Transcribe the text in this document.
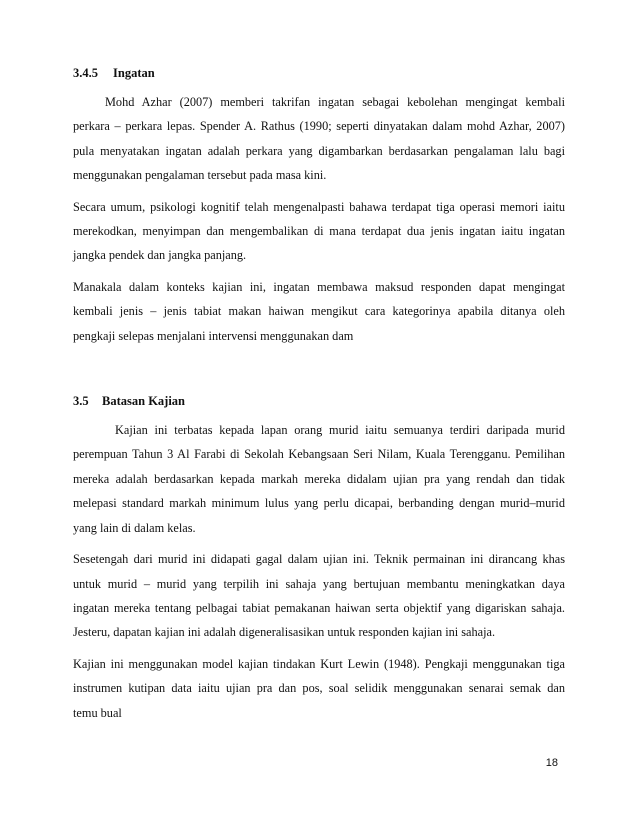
3.4.5 Ingatan

Mohd Azhar (2007) memberi takrifan ingatan sebagai kebolehan mengingat kembali
perkara – perkara lepas. Spender A. Rathus (1990; seperti dinyatakan dalam mohd Azhar, 2007)
pula menyatakan ingatan adalah perkara yang digambarkan berdasarkan pengalaman lalu bagi
menggunakan pengalaman tersebut pada masa kini.

Secara umum, psikologi kognitif telah mengenalpasti bahawa terdapat tiga operasi memori iaitu
merekodkan, menyimpan dan mengembalikan di mana terdapat dua jenis ingatan iaitu ingatan
jangka pendek dan jangka panjang.

Manakala dalam konteks kajian ini, ingatan membawa maksud responden dapat mengingat
kembali jenis – jenis tabiat makan haiwan mengikut cara kategorinya apabila ditanya oleh
pengkaji selepas menjalani intervensi menggunakan dam

3.5 Batasan Kajian

Kajian ini terbatas kepada lapan orang murid iaitu semuanya terdiri daripada murid
perempuan Tahun 3 Al Farabi di Sekolah Kebangsaan Seri Nilam, Kuala Terengganu. Pemilihan
mereka adalah berdasarkan kepada markah mereka didalam ujian pra yang rendah dan tidak
melepasi standard markah minimum lulus yang perlu dicapai, berbanding dengan murid–murid
yang lain di dalam kelas.

Sesetengah dari murid ini didapati gagal dalam ujian ini. Teknik permainan ini dirancang khas
untuk murid – murid yang terpilih ini sahaja yang bertujuan membantu meningkatkan daya
ingatan mereka tentang pelbagai tabiat pemakanan haiwan serta objektif yang digariskan sahaja.
Jesteru, dapatan kajian ini adalah digeneralisasikan untuk responden kajian ini sahaja.

Kajian ini menggunakan model kajian tindakan Kurt Lewin (1948). Pengkaji menggunakan tiga
instrumen kutipan data iaitu ujian pra dan pos, soal selidik menggunakan senarai semak dan
temu bual

18
